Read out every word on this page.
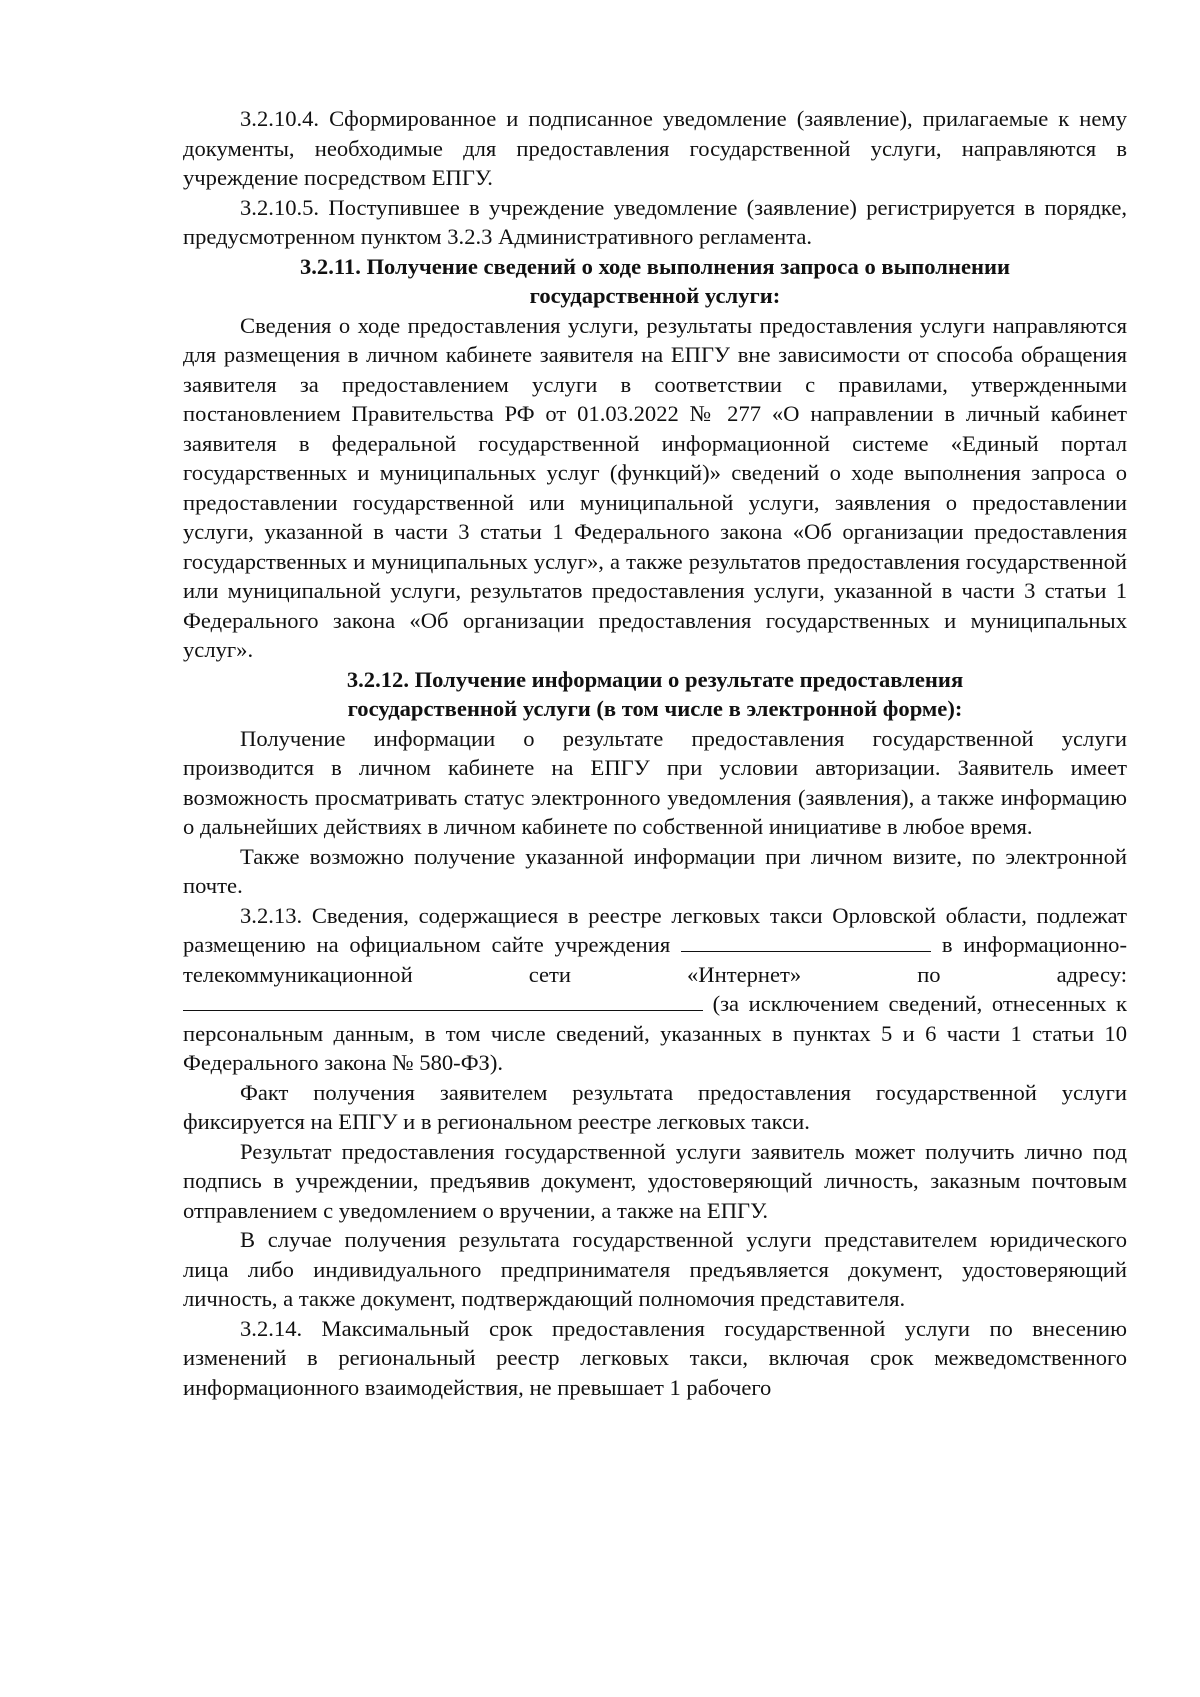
3.2.10.4. Сформированное и подписанное уведомление (заявление), прилагаемые к нему документы, необходимые для предоставления государственной услуги, направляются в учреждение посредством ЕПГУ.

3.2.10.5. Поступившее в учреждение уведомление (заявление) регистрируется в порядке, предусмотренном пунктом 3.2.3 Административного регламента.

3.2.11. Получение сведений о ходе выполнения запроса о выполнении
государственной услуги:

Сведения о ходе предоставления услуги, результаты предоставления услуги направляются для размещения в личном кабинете заявителя на ЕПГУ вне зависимости от способа обращения заявителя за предоставлением услуги в соответствии с правилами, утвержденными постановлением Правительства РФ от 01.03.2022 № 277 «О направлении в личный кабинет заявителя в федеральной государственной информационной системе «Единый портал государственных и муниципальных услуг (функций)» сведений о ходе выполнения запроса о предоставлении государственной или муниципальной услуги, заявления о предоставлении услуги, указанной в части 3 статьи 1 Федерального закона «Об организации предоставления государственных и муниципальных услуг», а также результатов предоставления государственной или муниципальной услуги, результатов предоставления услуги, указанной в части 3 статьи 1 Федерального закона «Об организации предоставления государственных и муниципальных услуг».

3.2.12. Получение информации о результате предоставления
государственной услуги (в том числе в электронной форме):

Получение информации о результате предоставления государственной услуги производится в личном кабинете на ЕПГУ при условии авторизации. Заявитель имеет возможность просматривать статус электронного уведомления (заявления), а также информацию о дальнейших действиях в личном кабинете по собственной инициативе в любое время.

Также возможно получение указанной информации при личном визите, по электронной почте.

3.2.13. Сведения, содержащиеся в реестре легковых такси Орловской области, подлежат размещению на официальном сайте учреждения	в информационно-телекоммуникационной сети «Интернет» по адресу:  (за исключением сведений, отнесенных к персональным данным, в том числе сведений, указанных в пунктах 5 и 6 части 1 статьи 10 Федерального закона № 580-ФЗ).

Факт получения заявителем результата предоставления государственной услуги фиксируется на ЕПГУ и в региональном реестре легковых такси.

Результат предоставления государственной услуги заявитель может получить лично под подпись в учреждении, предъявив документ, удостоверяющий личность, заказным почтовым отправлением с уведомлением о вручении, а также на ЕПГУ.

В случае получения результата государственной услуги представителем юридического лица либо индивидуального предпринимателя предъявляется документ, удостоверяющий личность, а также документ, подтверждающий полномочия представителя.

3.2.14. Максимальный срок предоставления государственной услуги по внесению изменений в региональный реестр легковых такси, включая срок межведомственного информационного взаимодействия, не превышает 1 рабочего
